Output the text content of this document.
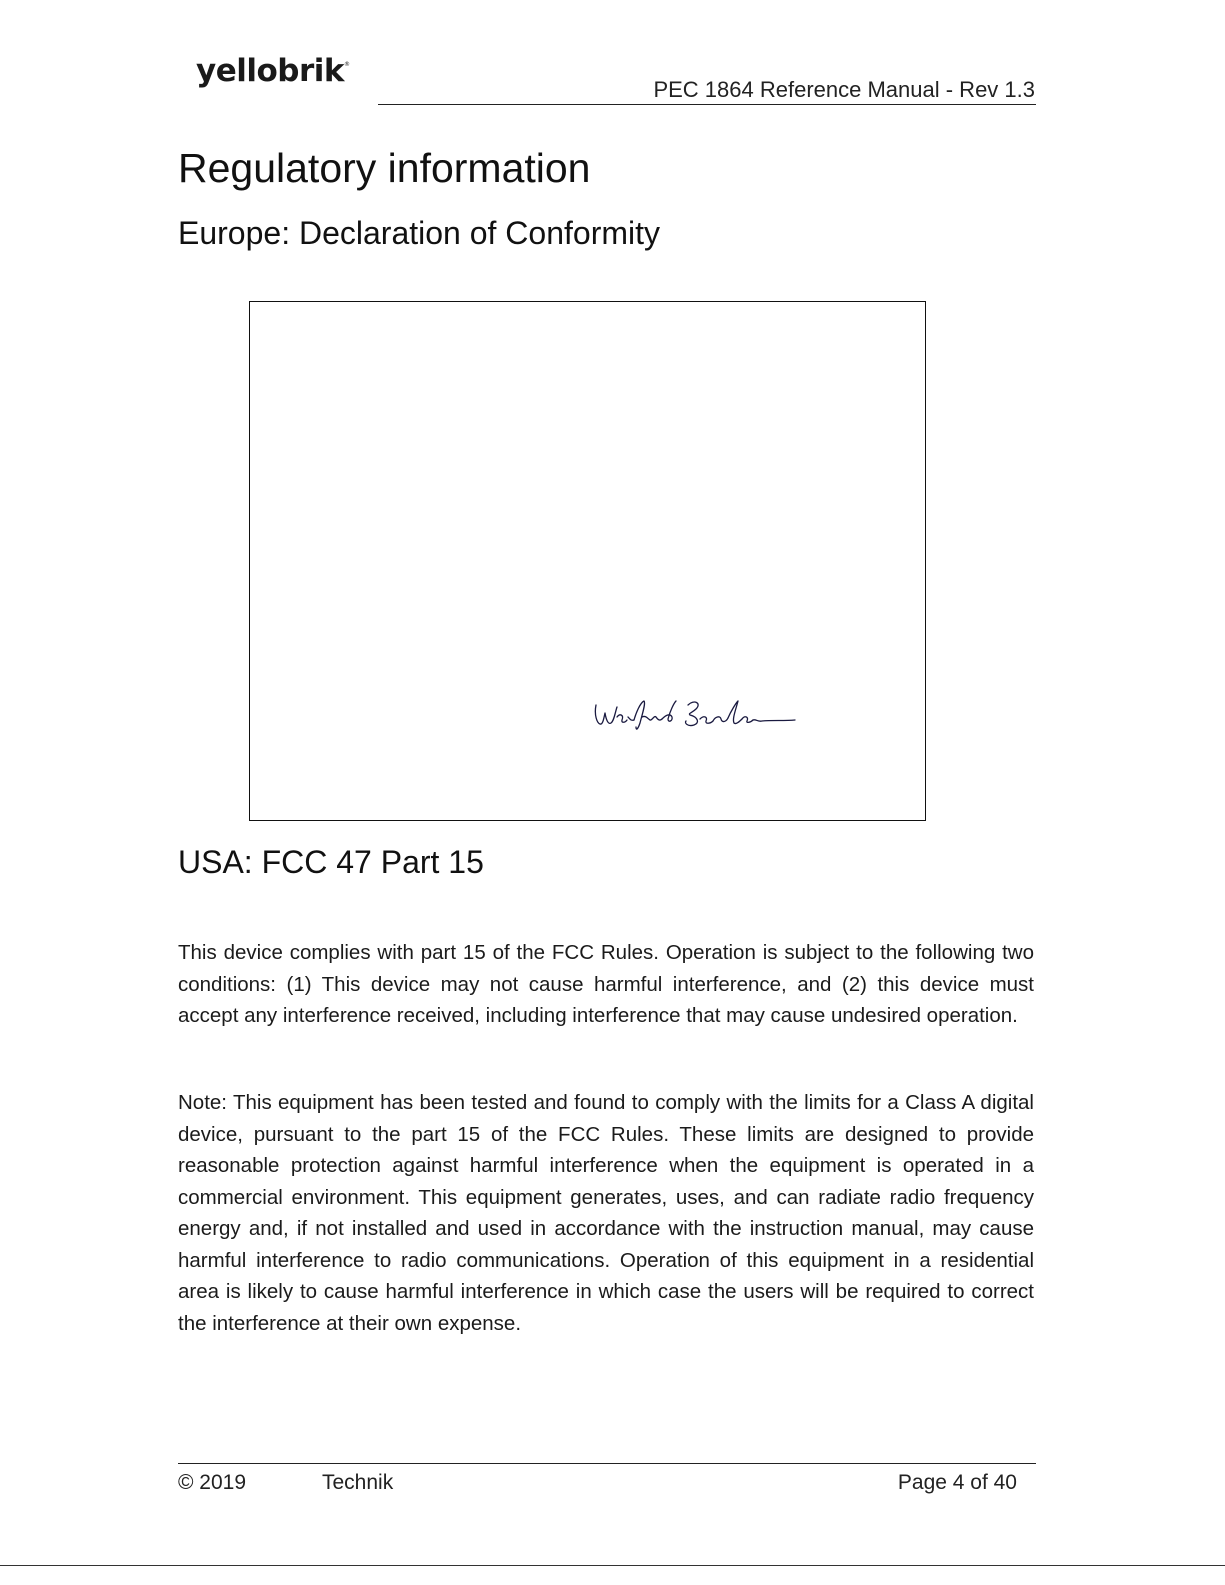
yellobrik®
PEC 1864 Reference Manual - Rev 1.3
Regulatory information
Europe: Declaration of Conformity
USA: FCC 47 Part 15

This device complies with part 15 of the FCC Rules. Operation is subject to the following two conditions: (1) This device may not cause harmful interference, and (2) this device must accept any interference received, including interference that may cause undesired operation.

Note: This equipment has been tested and found to comply with the limits for a Class A digital device, pursuant to the part 15 of the FCC Rules. These limits are designed to provide reasonable protection against harmful interference when the equipment is operated in a commercial environment. This equipment generates, uses, and can radiate radio frequency energy and, if not installed and used in accordance with the instruction manual, may cause harmful interference to radio communications. Operation of this equipment in a residential area is likely to cause harmful interference in which case the users will be required to correct the interference at their own expense.

© 2019	Technik	Page 4 of 40
